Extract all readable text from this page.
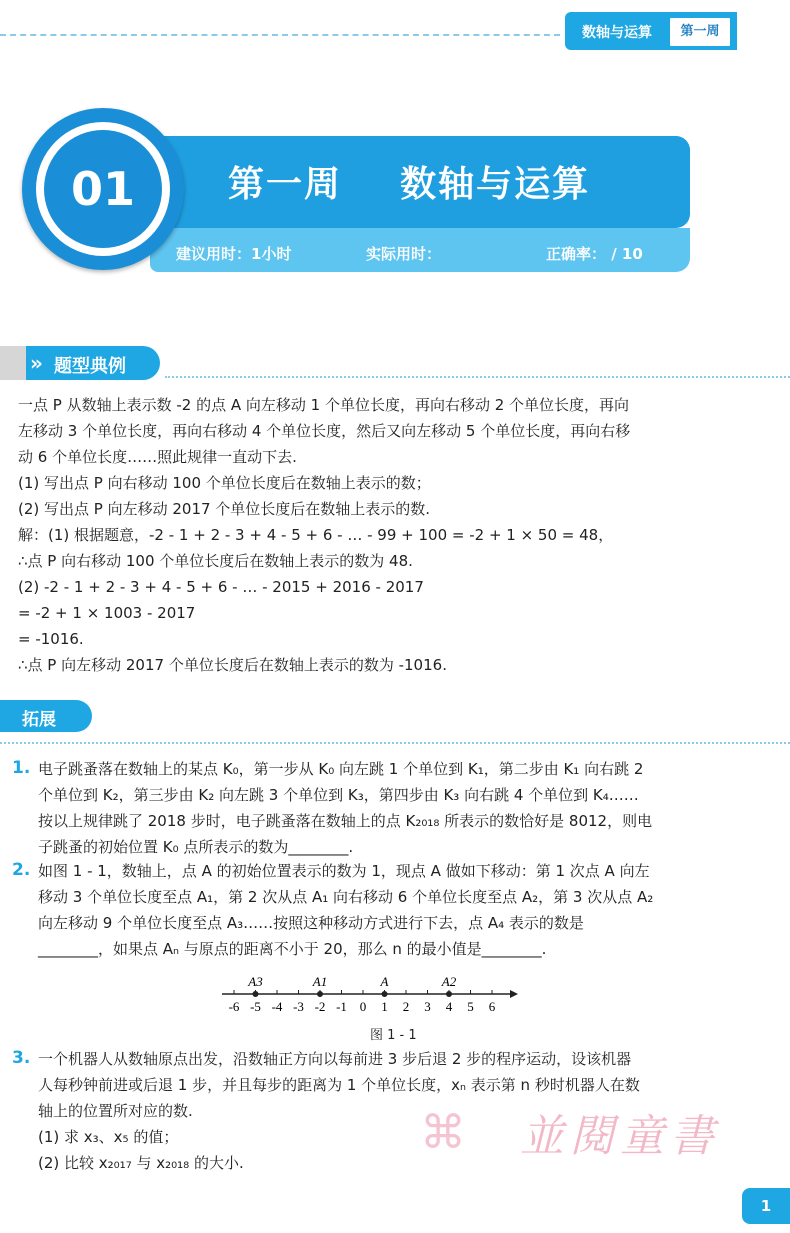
数轴与运算	第一周
01	第一周    数轴与运算
建议用时：1小时	实际用时：	正确率： / 10
» 题型典例
一点 P 从数轴上表示数 -2 的点 A 向左移动 1 个单位长度，再向右移动 2 个单位长度，再向
左移动 3 个单位长度，再向右移动 4 个单位长度，然后又向左移动 5 个单位长度，再向右移
动 6 个单位长度……照此规律一直动下去.
(1) 写出点 P 向右移动 100 个单位长度后在数轴上表示的数；
(2) 写出点 P 向左移动 2017 个单位长度后在数轴上表示的数.
解：(1) 根据题意，-2 - 1 + 2 - 3 + 4 - 5 + 6 - … - 99 + 100 = -2 + 1 × 50 = 48，
∴点 P 向右移动 100 个单位长度后在数轴上表示的数为 48.
(2) -2 - 1 + 2 - 3 + 4 - 5 + 6 - … - 2015 + 2016 - 2017
= -2 + 1 × 1003 - 2017
= -1016.
∴点 P 向左移动 2017 个单位长度后在数轴上表示的数为 -1016.
拓展
1. 电子跳蚤落在数轴上的某点 K₀，第一步从 K₀ 向左跳 1 个单位到 K₁，第二步由 K₁ 向右跳 2
个单位到 K₂，第三步由 K₂ 向左跳 3 个单位到 K₃，第四步由 K₃ 向右跳 4 个单位到 K₄……
按以上规律跳了 2018 步时，电子跳蚤落在数轴上的点 K₂₀₁₈ 所表示的数恰好是 8012，则电
子跳蚤的初始位置 K₀ 点所表示的数为________.
2. 如图 1 - 1，数轴上，点 A 的初始位置表示的数为 1，现点 A 做如下移动：第 1 次点 A 向左
移动 3 个单位长度至点 A₁，第 2 次从点 A₁ 向右移动 6 个单位长度至点 A₂，第 3 次从点 A₂
向左移动 9 个单位长度至点 A₃……按照这种移动方式进行下去，点 A₄ 表示的数是
________，如果点 Aₙ 与原点的距离不小于 20，那么 n 的最小值是________.
3. 一个机器人从数轴原点出发，沿数轴正方向以每前进 3 步后退 2 步的程序运动，设该机器
人每秒钟前进或后退 1 步，并且每步的距离为 1 个单位长度，xₙ 表示第 n 秒时机器人在数
轴上的位置所对应的数.
(1) 求 x₃、x₅ 的值；
(2) 比较 x₂₀₁₇ 与 x₂₀₁₈ 的大小.
-6 -5 -4 -3 -2 -1 0 1 2 3 4 5 6
A3	A1	A	A2
图 1 - 1
⌘ 並閱童書
1
